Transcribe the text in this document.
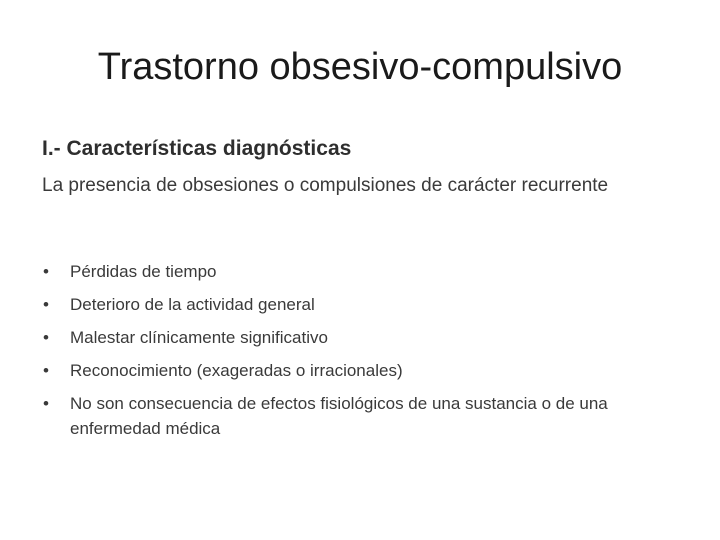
Trastorno obsesivo-compulsivo
I.- Características diagnósticas
La presencia de obsesiones o compulsiones de carácter recurrente
• Pérdidas de tiempo
• Deterioro de la actividad general
• Malestar clínicamente significativo
• Reconocimiento (exageradas o irracionales)
• No son consecuencia de efectos fisiológicos de una sustancia o de una enfermedad médica
